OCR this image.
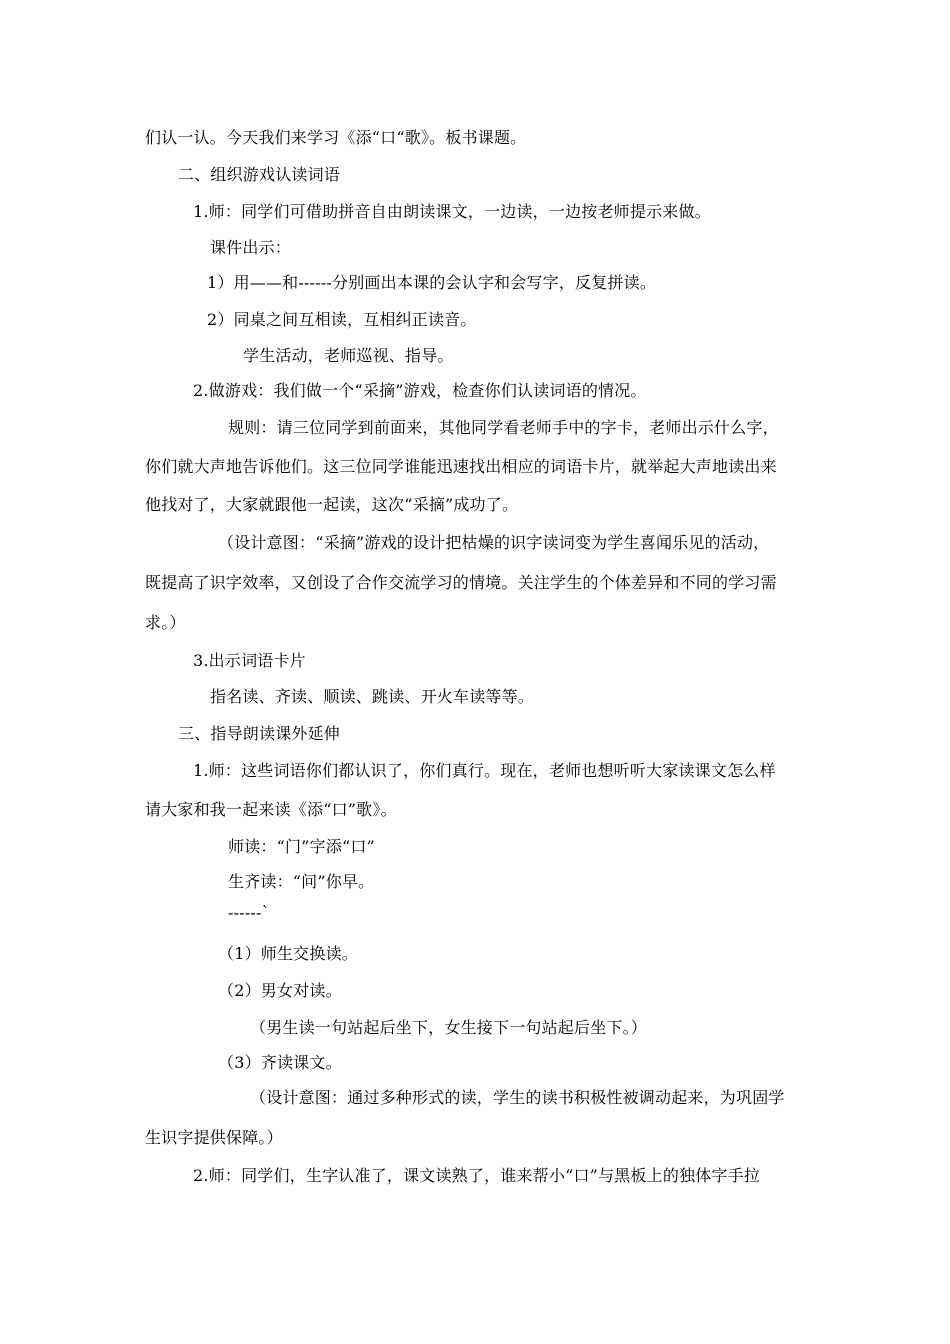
们认一认。今天我们来学习《添“口“歌》。板书课题。
二、组织游戏认读词语
1.师：同学们可借助拼音自由朗读课文，一边读，一边按老师提示来做。
课件出示：
1）用——和------分别画出本课的会认字和会写字，反复拼读。
2）同桌之间互相读，互相纠正读音。
学生活动，老师巡视、指导。
2.做游戏：我们做一个“采摘”游戏，检查你们认读词语的情况。
规则：请三位同学到前面来，其他同学看老师手中的字卡，老师出示什么字，
你们就大声地告诉他们。这三位同学谁能迅速找出相应的词语卡片，就举起大声地读出来
他找对了，大家就跟他一起读，这次“采摘”成功了。
（设计意图：“采摘”游戏的设计把枯燥的识字读词变为学生喜闻乐见的活动，
既提高了识字效率，又创设了合作交流学习的情境。关注学生的个体差异和不同的学习需
求。）
3.出示词语卡片
指名读、齐读、顺读、跳读、开火车读等等。
三、指导朗读课外延伸
1.师：这些词语你们都认识了，你们真行。现在，老师也想听听大家读课文怎么样
请大家和我一起来读《添“口”歌》。
师读：“门”字添“口”
生齐读：“问”你早。
------`
（1）师生交换读。
（2）男女对读。
（男生读一句站起后坐下，女生接下一句站起后坐下。）
（3）齐读课文。
（设计意图：通过多种形式的读，学生的读书积极性被调动起来，为巩固学
生识字提供保障。）
2.师：同学们，生字认准了，课文读熟了，谁来帮小“口”与黑板上的独体字手拉
